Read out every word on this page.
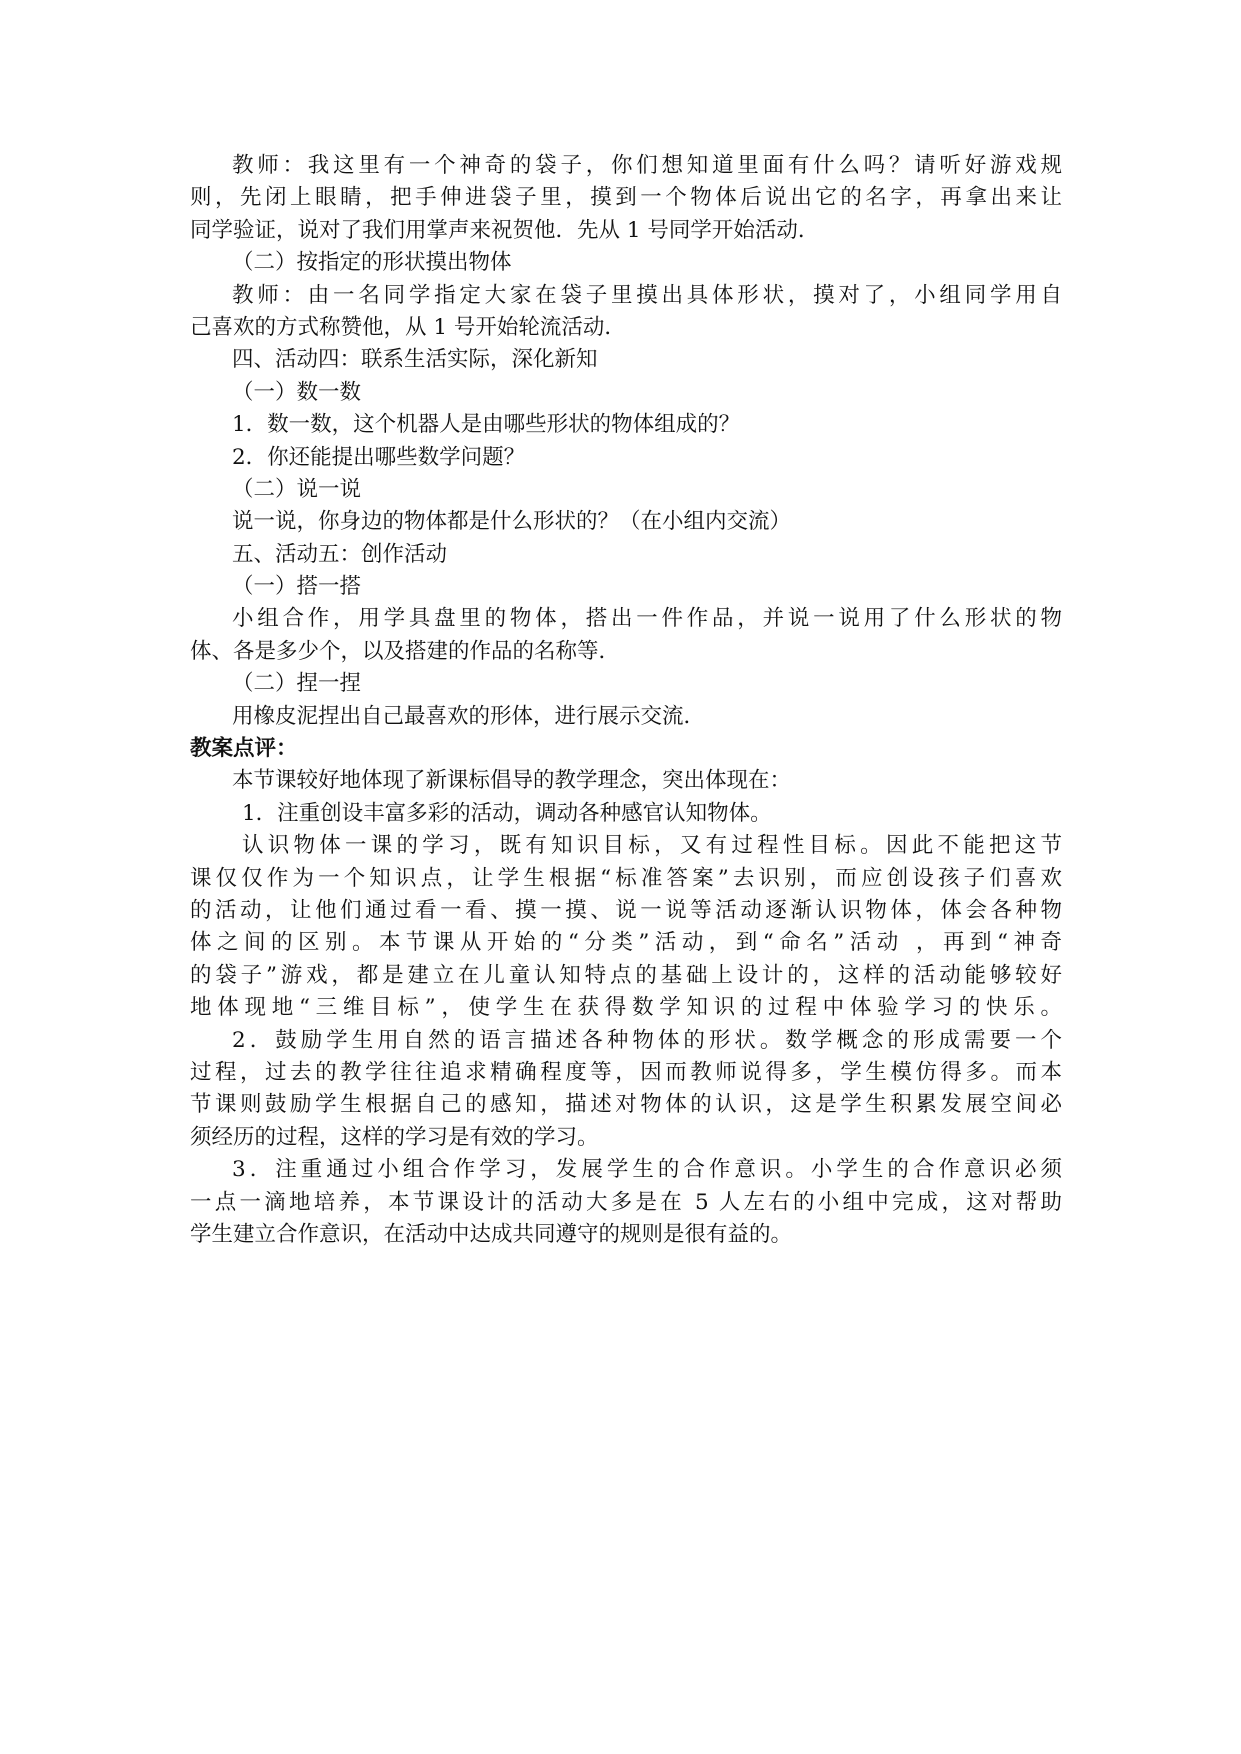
教师：我这里有一个神奇的袋子，你们想知道里面有什么吗？请听好游戏规
则，先闭上眼睛，把手伸进袋子里，摸到一个物体后说出它的名字，再拿出来让
同学验证，说对了我们用掌声来祝贺他．先从 1 号同学开始活动．
（二）按指定的形状摸出物体
教师：由一名同学指定大家在袋子里摸出具体形状，摸对了，小组同学用自
己喜欢的方式称赞他，从 1 号开始轮流活动．
四、活动四：联系生活实际，深化新知
（一）数一数
1．数一数，这个机器人是由哪些形状的物体组成的？
2．你还能提出哪些数学问题？
（二）说一说
说一说，你身边的物体都是什么形状的？（在小组内交流）
五、活动五：创作活动
（一）搭一搭
小组合作，用学具盘里的物体，搭出一件作品，并说一说用了什么形状的物
体、各是多少个，以及搭建的作品的名称等．
（二）捏一捏
用橡皮泥捏出自己最喜欢的形体，进行展示交流．
教案点评：
本节课较好地体现了新课标倡导的教学理念，突出体现在：
1．注重创设丰富多彩的活动，调动各种感官认知物体。
认识物体一课的学习，既有知识目标，又有过程性目标。因此不能把这节
课仅仅作为一个知识点，让学生根据“标准答案”去识别，而应创设孩子们喜欢
的活动，让他们通过看一看、摸一摸、说一说等活动逐渐认识物体，体会各种物
体之间的区别。本节课从开始的“分类”活动，到“命名”活动 ，再到“神奇
的袋子”游戏，都是建立在儿童认知特点的基础上设计的，这样的活动能够较好
地体现地“三维目标”，使学生在获得数学知识的过程中体验学习的快乐。
2．鼓励学生用自然的语言描述各种物体的形状。数学概念的形成需要一个
过程，过去的教学往往追求精确程度等，因而教师说得多，学生模仿得多。而本
节课则鼓励学生根据自己的感知，描述对物体的认识，这是学生积累发展空间必
须经历的过程，这样的学习是有效的学习。
3．注重通过小组合作学习，发展学生的合作意识。小学生的合作意识必须
一点一滴地培养，本节课设计的活动大多是在 5 人左右的小组中完成，这对帮助
学生建立合作意识，在活动中达成共同遵守的规则是很有益的。
